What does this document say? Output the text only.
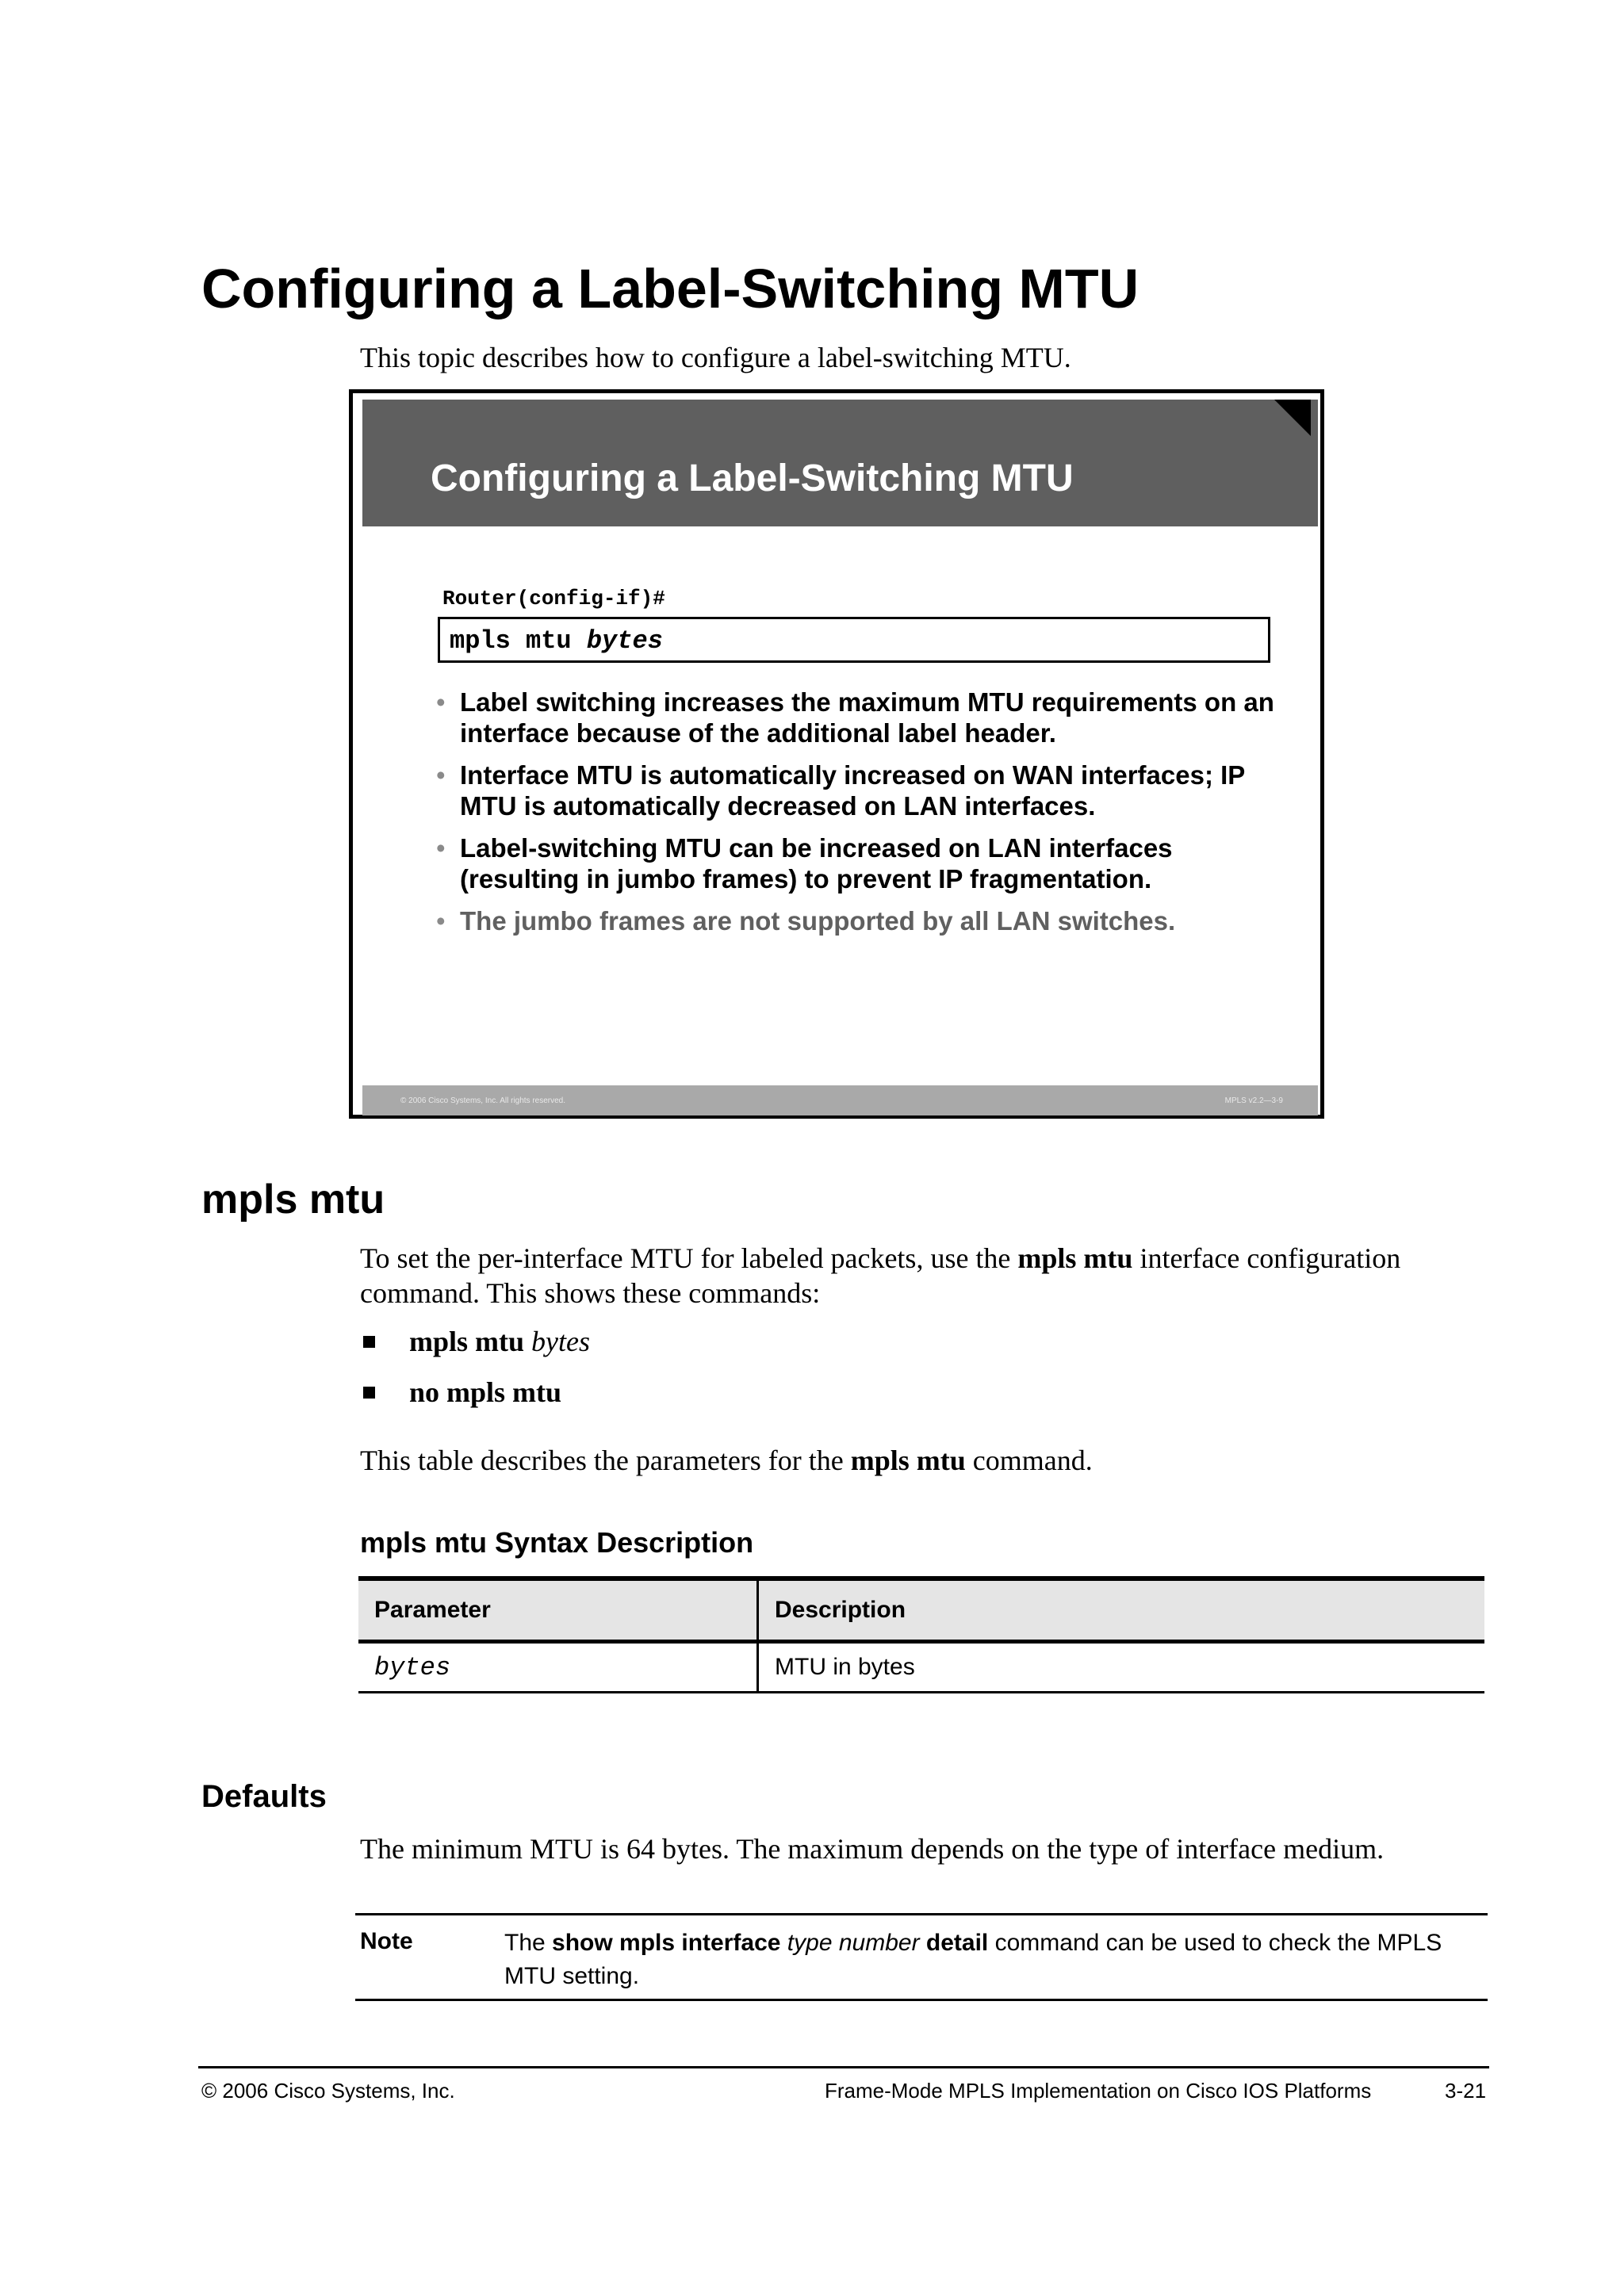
Configuring a Label-Switching MTU
This topic describes how to configure a label-switching MTU.
Configuring a Label-Switching MTU
Router(config-if)#
mpls mtu bytes
• Label switching increases the maximum MTU requirements on an interface because of the additional label header.
• Interface MTU is automatically increased on WAN interfaces; IP MTU is automatically decreased on LAN interfaces.
• Label-switching MTU can be increased on LAN interfaces (resulting in jumbo frames) to prevent IP fragmentation.
• The jumbo frames are not supported by all LAN switches.
© 2006 Cisco Systems, Inc. All rights reserved.	MPLS v2.2—3-9
mpls mtu
To set the per-interface MTU for labeled packets, use the mpls mtu interface configuration command. This shows these commands:
mpls mtu bytes
no mpls mtu
This table describes the parameters for the mpls mtu command.
mpls mtu Syntax Description
Parameter	Description
bytes	MTU in bytes
Defaults
The minimum MTU is 64 bytes. The maximum depends on the type of interface medium.
Note	The show mpls interface type number detail command can be used to check the MPLS MTU setting.
© 2006 Cisco Systems, Inc.	Frame-Mode MPLS Implementation on Cisco IOS Platforms	3-21
